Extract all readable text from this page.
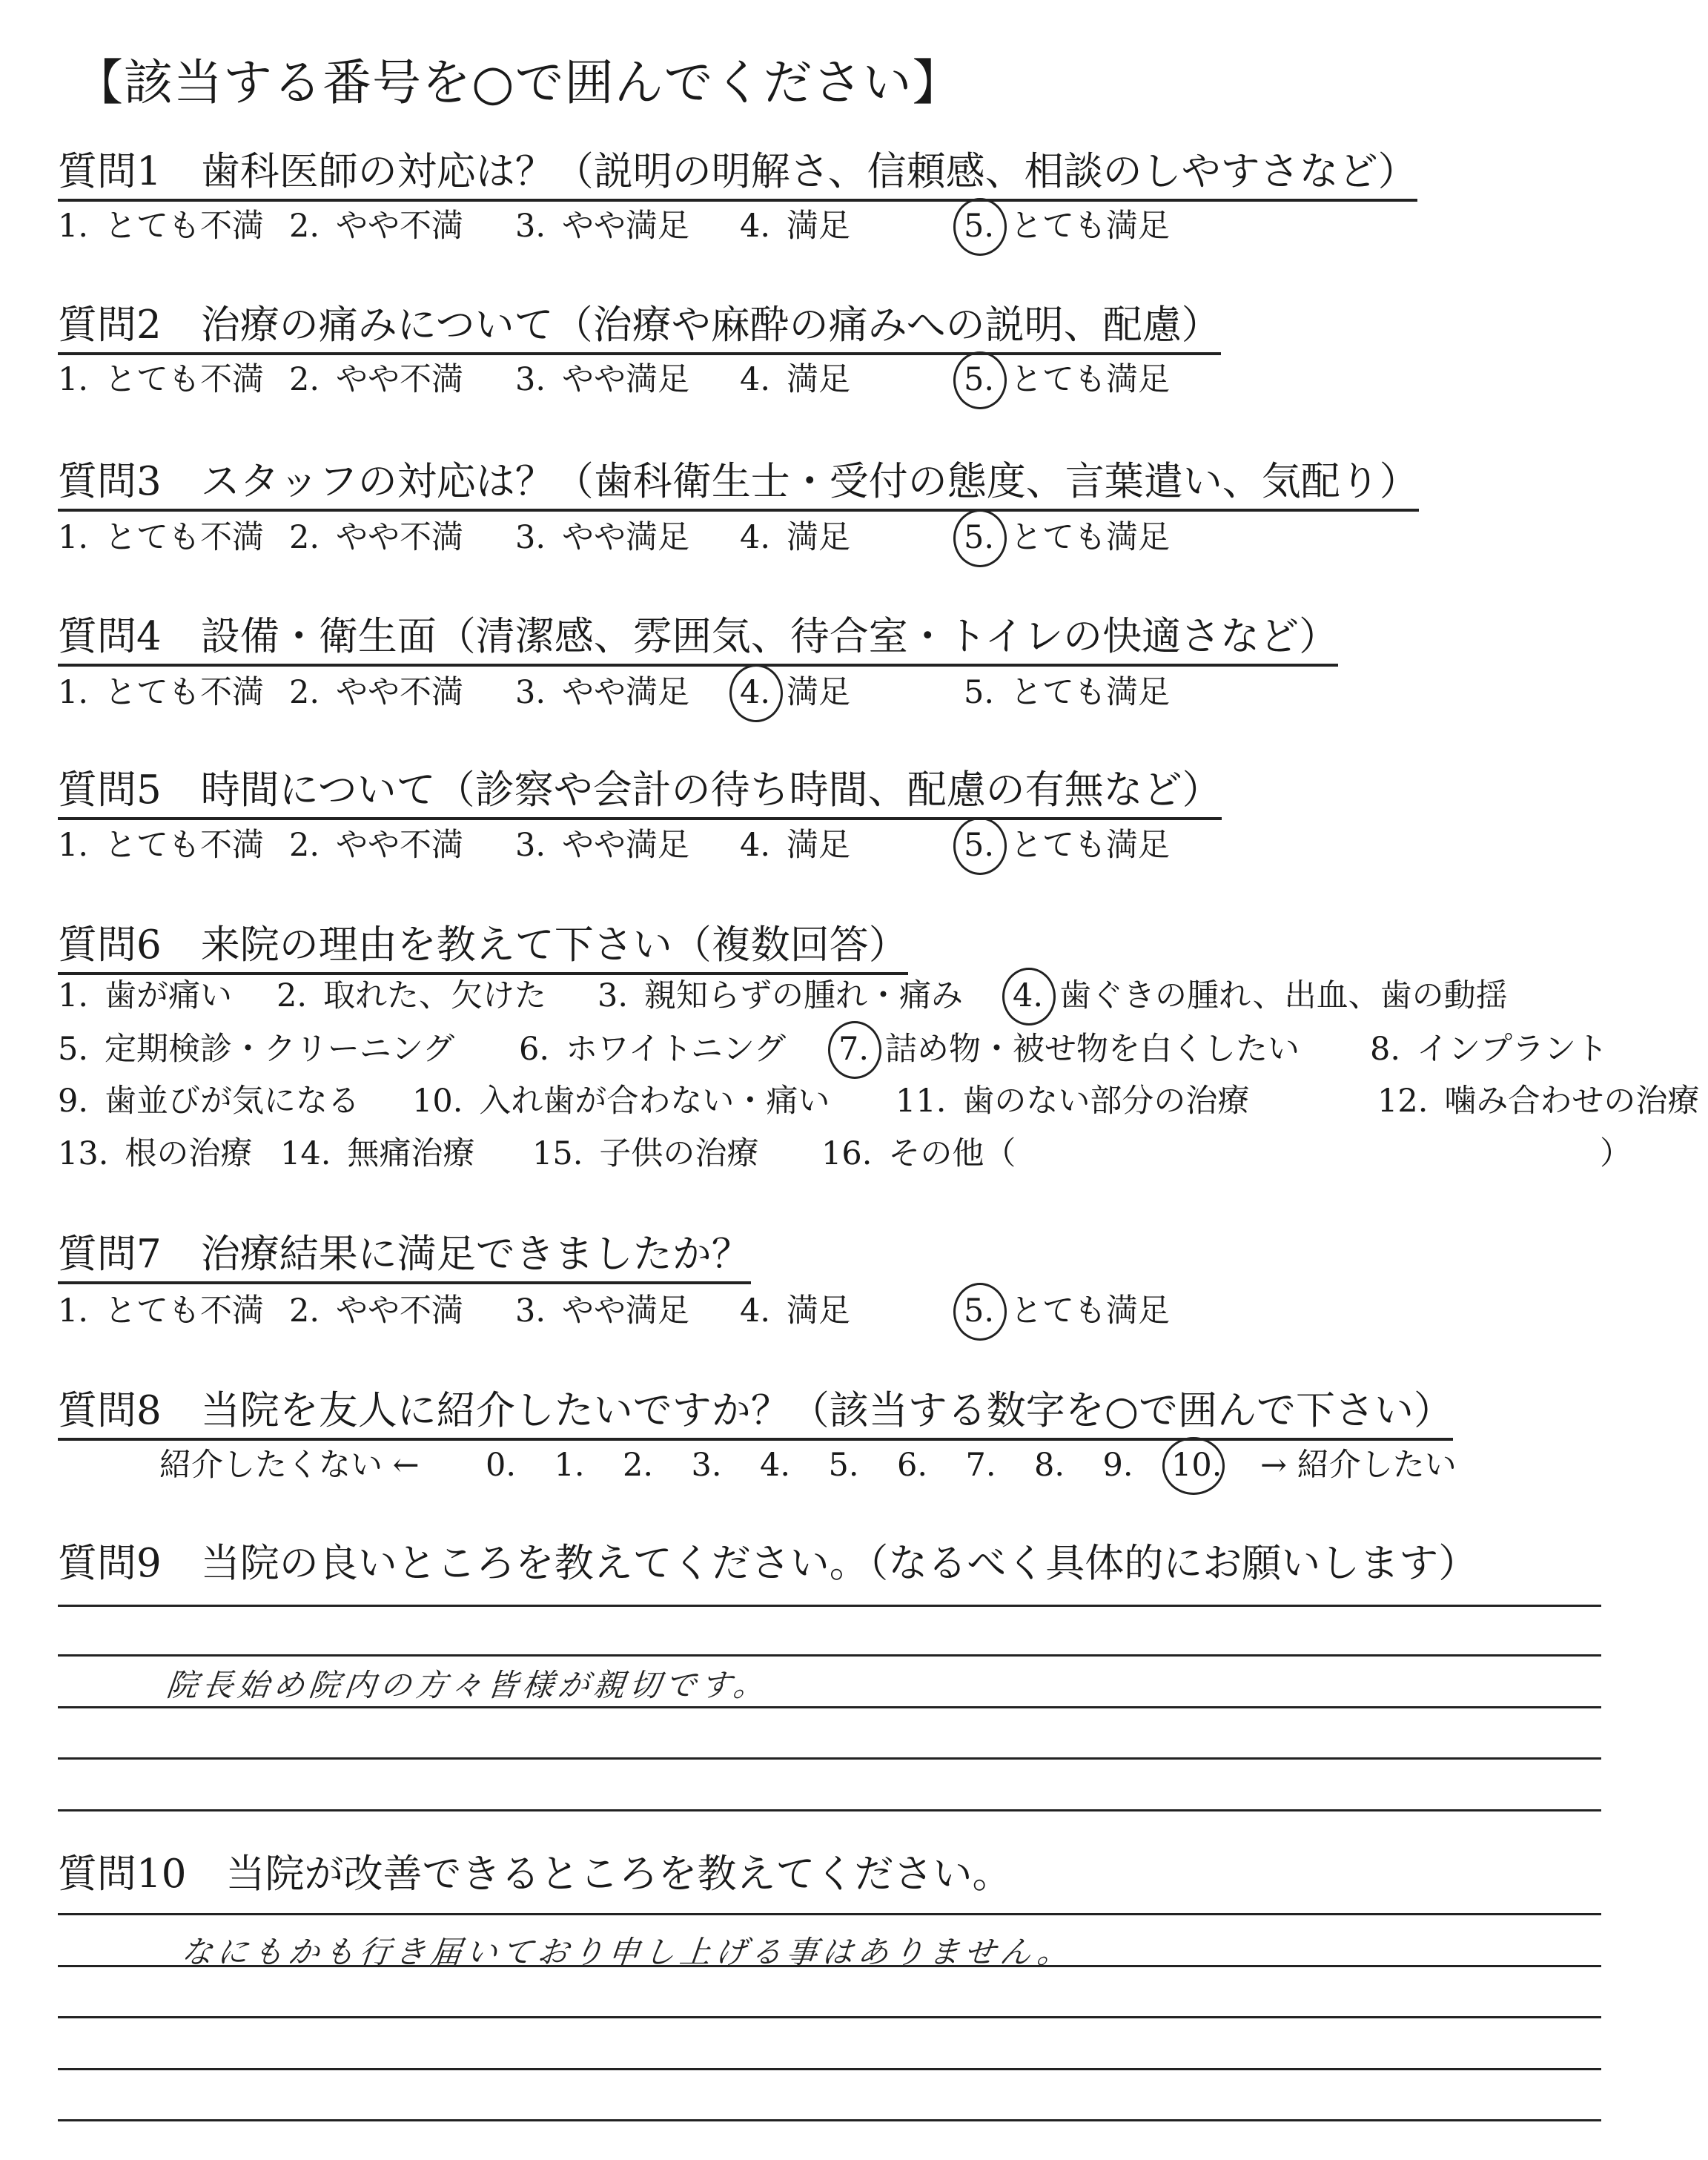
【該当する番号を○で囲んでください】
質問1　歯科医師の対応は？（説明の明解さ、信頼感、相談のしやすさなど）
1. とても不満 2. やや不満 3. やや満足 4. 満足	5. とても満足
質問2　治療の痛みについて（治療や麻酔の痛みへの説明、配慮）
1. とても不満 2. やや不満 3. やや満足 4. 満足	5. とても満足
質問3　スタッフの対応は？（歯科衛生士・受付の態度、言葉遣い、気配り）
1. とても不満 2. やや不満 3. やや満足 4. 満足	5. とても満足
質問4　設備・衛生面（清潔感、雰囲気、待合室・トイレの快適さなど）
1. とても不満 2. やや不満 3. やや満足 4. 満足	5. とても満足
質問5　時間について（診察や会計の待ち時間、配慮の有無など）
1. とても不満 2. やや不満 3. やや満足 4. 満足	5. とても満足
質問6　来院の理由を教えて下さい（複数回答）
1. 歯が痛い 2. 取れた、欠けた 3. 親知らずの腫れ・痛み 4. 歯ぐきの腫れ、出血、歯の動揺
5. 定期検診・クリーニング 6. ホワイトニング 7. 詰め物・被せ物を白くしたい 8. インプラント
9. 歯並びが気になる 10. 入れ歯が合わない・痛い 11. 歯のない部分の治療	12. 噛み合わせの治療
13. 根の治療 14. 無痛治療 15. 子供の治療 16. その他（	）
質問7　治療結果に満足できましたか？
1. とても不満 2. やや不満 3. やや満足 4. 満足	5. とても満足
質問8　当院を友人に紹介したいですか？（該当する数字を○で囲んで下さい）
紹介したくない ← 0. 1. 2. 3. 4. 5. 6. 7. 8. 9. 10. → 紹介したい
質問9　当院の良いところを教えてください。（なるべく具体的にお願いします）
院長始め院内の方々皆様が親切です。
質問10　当院が改善できるところを教えてください。
なにもかも行き届いており申し上げる事はありません。
